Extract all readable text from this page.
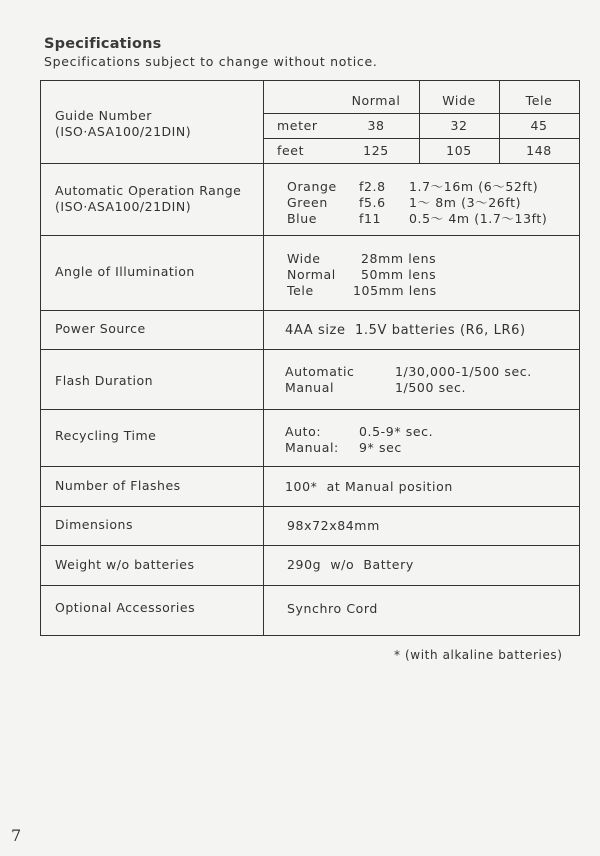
Specifications
Specifications subject to change without notice.
Guide Number
(ISO·ASA100/21DIN)
Normal	Wide	Tele
meter	38	32	45
feet	125	105	148
Automatic Operation Range
(ISO·ASA100/21DIN)
Orange f2.8 1.7～16m (6～52ft)
Green f5.6 1～ 8m (3～26ft)
Blue	f11 0.5～ 4m (1.7～13ft)
Angle of Illumination
Wide	28mm lens
Normal 50mm lens
Tele	105mm lens
Power Source	4AA size  1.5V batteries (R6, LR6)
Flash Duration
Automatic	1/30,000-1/500 sec.
Manual	1/500 sec.
Recycling Time	Auto:	0.5-9* sec.
Manual: 9* sec
Number of Flashes	100*  at Manual position
Dimensions	98x72x84mm
Weight w/o batteries	290g  w/o  Battery
Optional Accessories	Synchro Cord
* (with alkaline batteries)
7
